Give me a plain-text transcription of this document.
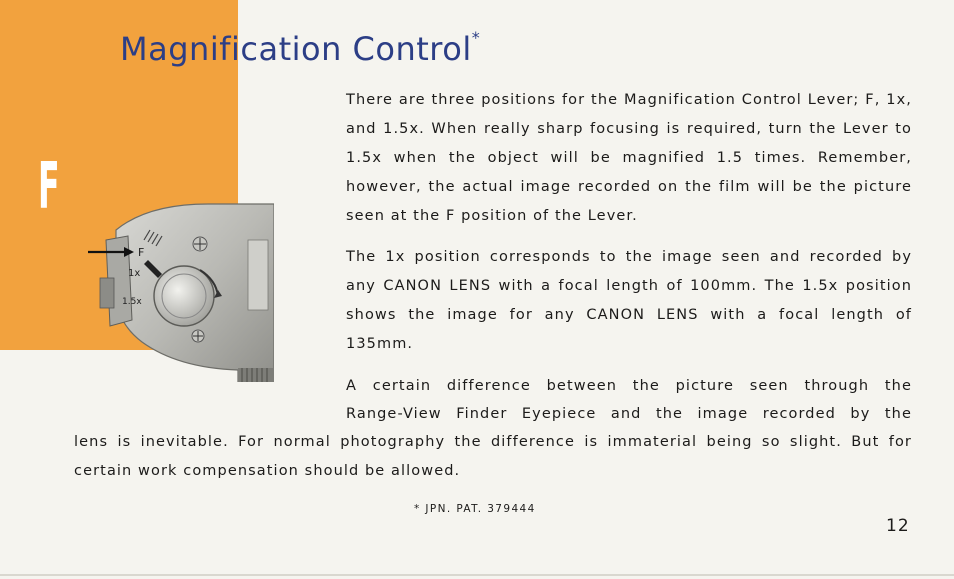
Magnification Control*
F
F
1x
1.5x

There are three positions for the Magnification Control Lever; F, 1x, and 1.5x. When really sharp focusing is required, turn the Lever to 1.5x when the object will be magnified 1.5 times. Remember, however, the actual image recorded on the film will be the picture seen at the F position of the Lever.

The 1x position corresponds to the image seen and recorded by any CANON LENS with a focal length of 100mm. The 1.5x position shows the image for any CANON LENS with a focal length of 135mm.

A certain difference between the picture seen through the
Range-View Finder Eyepiece and the image recorded by the

lens is inevitable. For normal photography the difference is immaterial being so slight. But for certain work compensation should be allowed.

* JPN. PAT. 379444

12
